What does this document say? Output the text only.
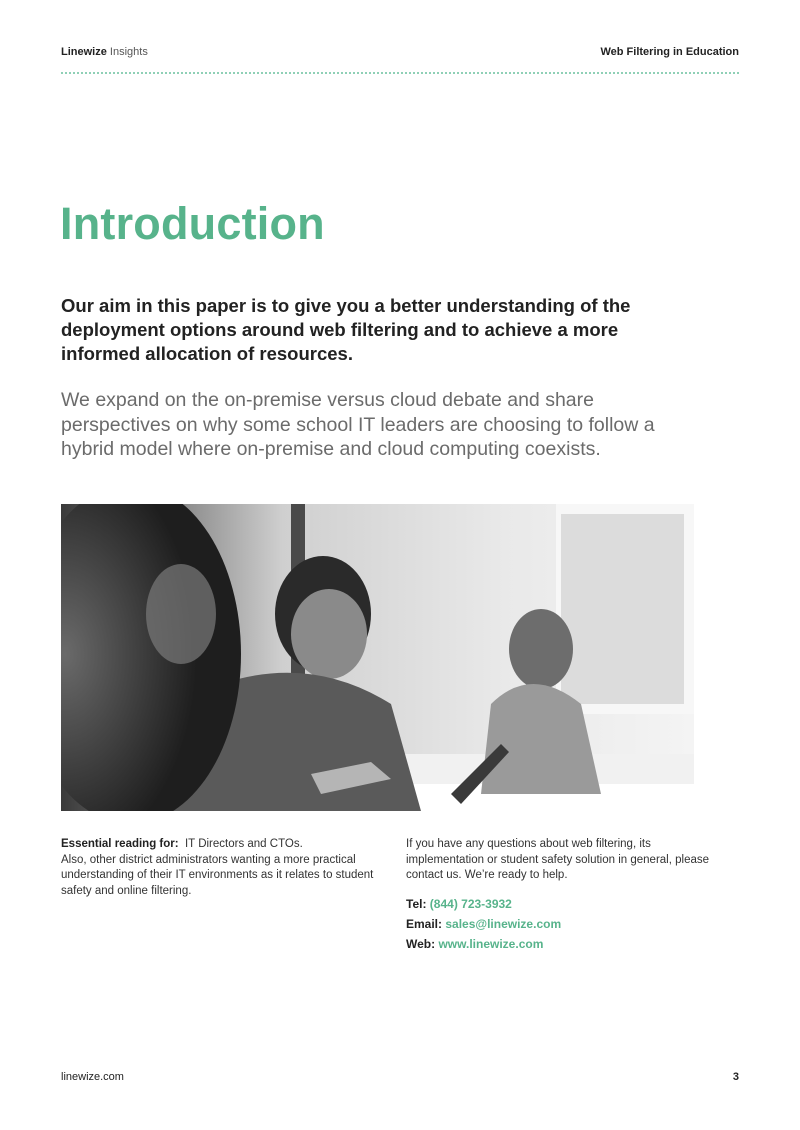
Linewize Insights	Web Filtering in Education
Introduction

Our aim in this paper is to give you a better understanding of the deployment options around web filtering and to achieve a more informed allocation of resources.

We expand on the on-premise versus cloud debate and share perspectives on why some school IT leaders are choosing to follow a hybrid model where on-premise and cloud computing coexists.

Essential reading for: IT Directors and CTOs.
Also, other district administrators wanting a more practical understanding of their IT environments as it relates to student safety and online filtering.
If you have any questions about web filtering, its implementation or student safety solution in general, please contact us. We’re ready to help.
Tel: (844) 723-3932
Email: sales@linewize.com
Web: www.linewize.com
linewize.com	3
